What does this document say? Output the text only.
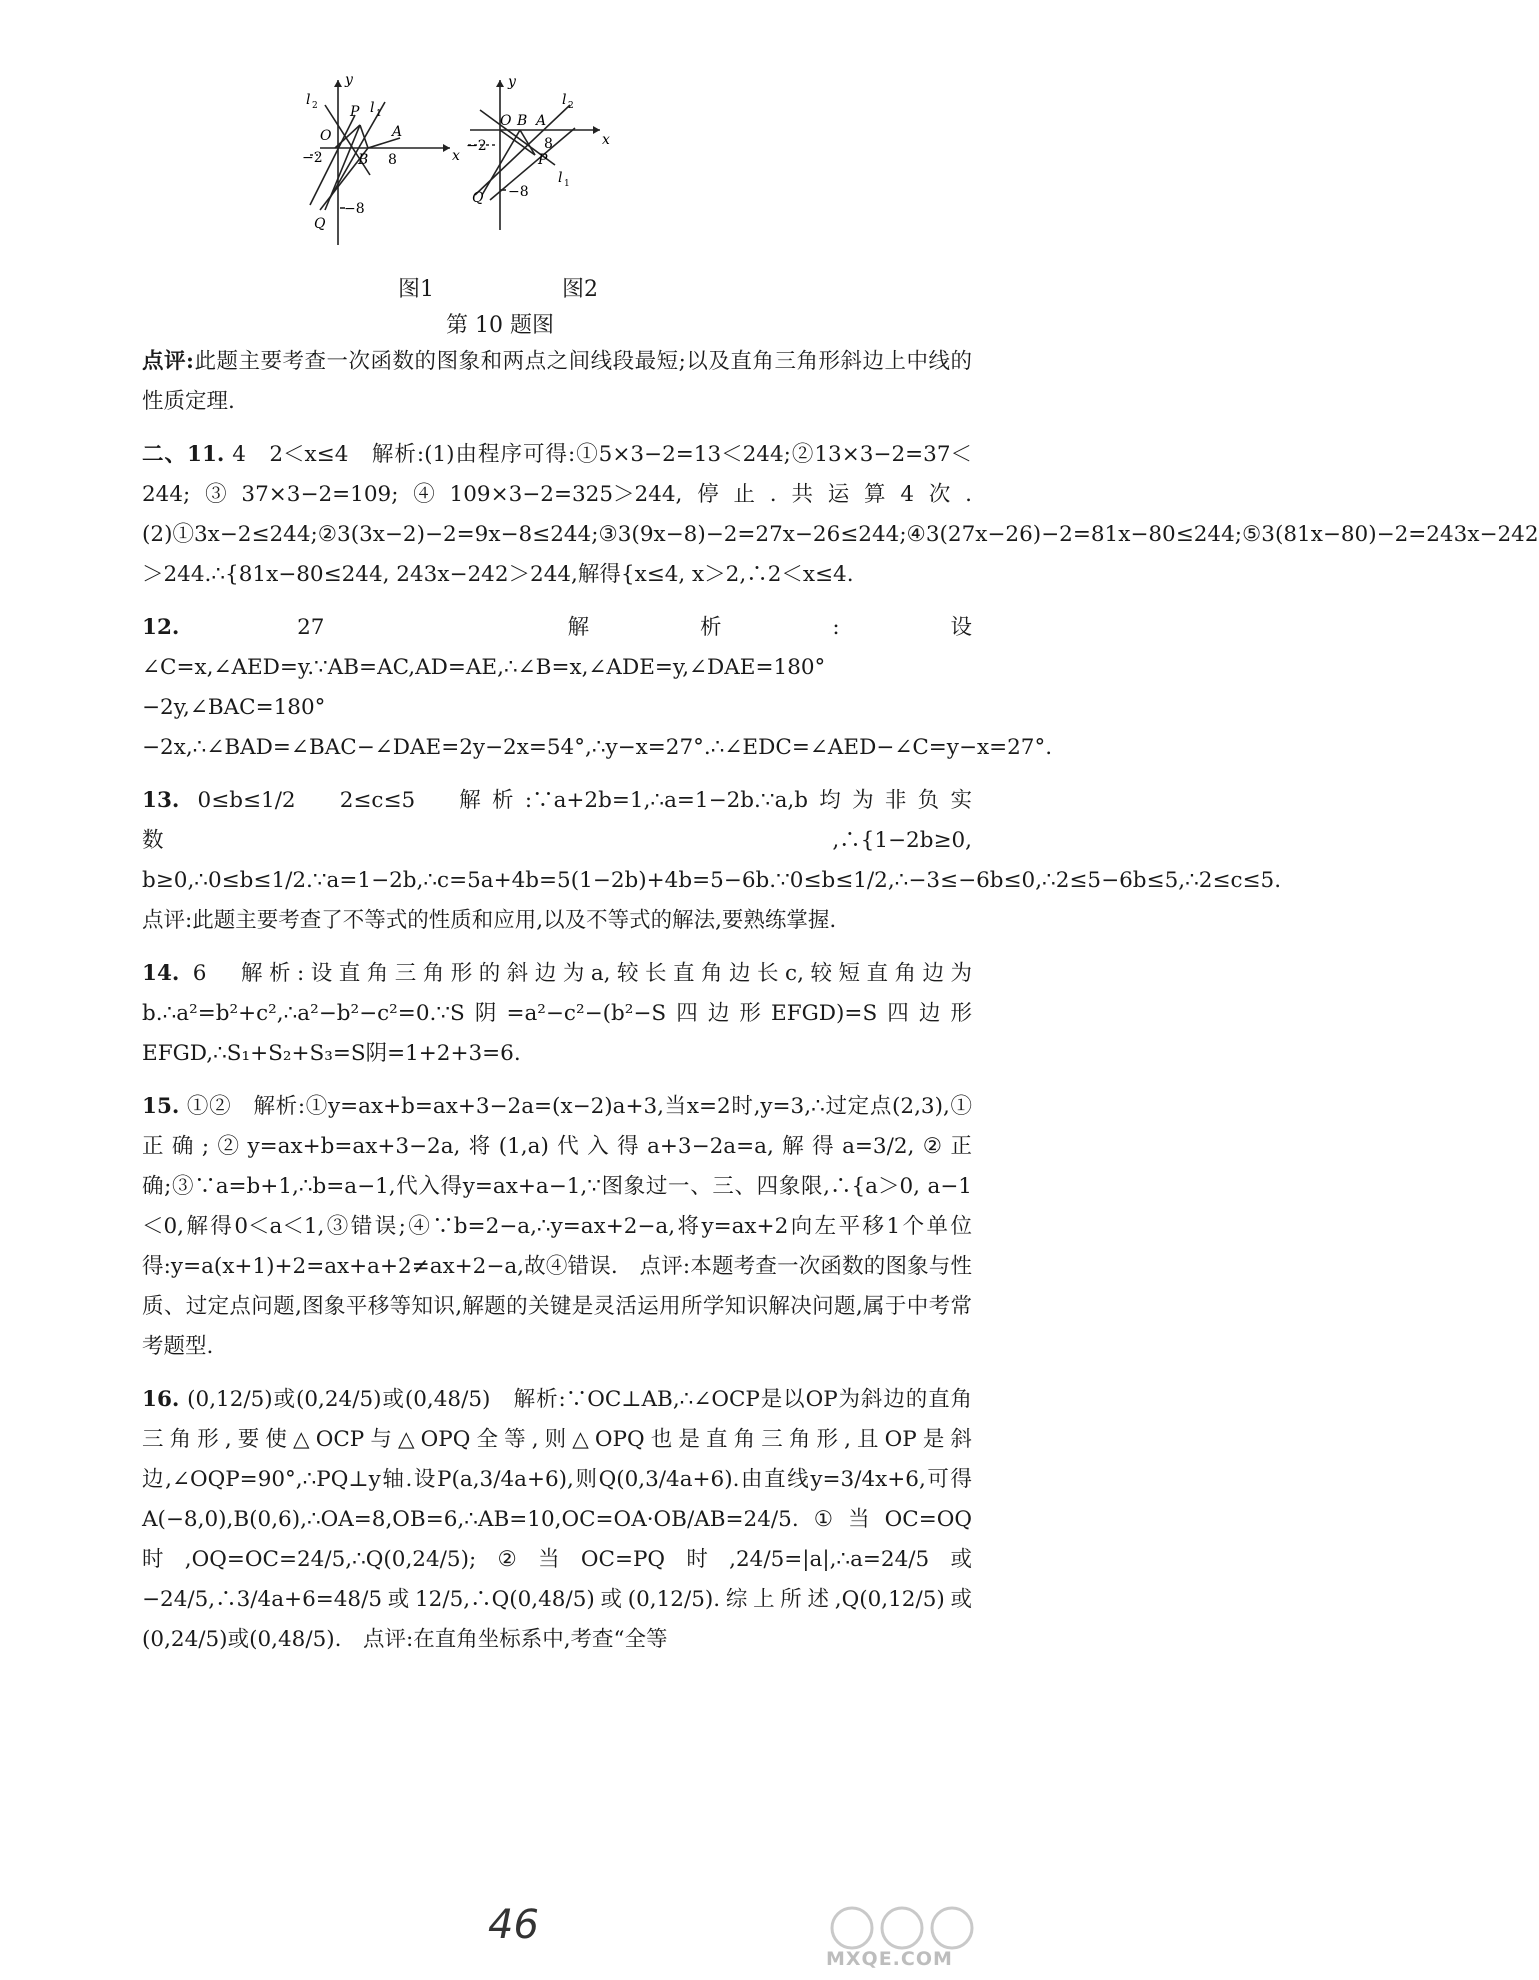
y
x
l 2	l 1
P
O	A
−2	B 8
Q
−8
y
x
O B A
l 2
−2
P
8
Q
l 1
−8
图1	图2
第 10 题图

点评:此题主要考查一次函数的图象和两点之间线段最短;以及直角三角形斜边上中线的性质定理.

二、11. 4　2＜x≤4　解析:(1)由程序可得:①5×3−2=13＜244;②13×3−2=37＜244;③37×3−2=109;④109×3−2=325＞244,停止.共运算4次.　(2)①3x−2≤244;②3(3x−2)−2=9x−8≤244;③3(9x−8)−2=27x−26≤244;④3(27x−26)−2=81x−80≤244;⑤3(81x−80)−2=243x−242＞244.∴{81x−80≤244, 243x−242＞244,解得{x≤4, x＞2,∴2＜x≤4.

12. 27　解析:设∠C=x,∠AED=y.∵AB=AC,AD=AE,∴∠B=x,∠ADE=y,∠DAE=180°−2y,∠BAC=180°−2x,∴∠BAD=∠BAC−∠DAE=2y−2x=54°,∴y−x=27°.∴∠EDC=∠AED−∠C=y−x=27°.

13. 0≤b≤1/2　2≤c≤5　解析:∵a+2b=1,∴a=1−2b.∵a,b均为非负实数,∴{1−2b≥0, b≥0,∴0≤b≤1/2.∵a=1−2b,∴c=5a+4b=5(1−2b)+4b=5−6b.∵0≤b≤1/2,∴−3≤−6b≤0,∴2≤5−6b≤5,∴2≤c≤5.　点评:此题主要考查了不等式的性质和应用,以及不等式的解法,要熟练掌握.

14. 6　解析:设直角三角形的斜边为a,较长直角边长c,较短直角边为b.∴a²=b²+c²,∴a²−b²−c²=0.∵S阴=a²−c²−(b²−S四边形EFGD)=S四边形EFGD,∴S₁+S₂+S₃=S阴=1+2+3=6.

15. ①②　解析:①y=ax+b=ax+3−2a=(x−2)a+3,当x=2时,y=3,∴过定点(2,3),①正确;②y=ax+b=ax+3−2a,将(1,a)代入得a+3−2a=a,解得a=3/2,②正确;③∵a=b+1,∴b=a−1,代入得y=ax+a−1,∵图象过一、三、四象限,∴{a＞0, a−1＜0,解得0＜a＜1,③错误;④∵b=2−a,∴y=ax+2−a,将y=ax+2向左平移1个单位得:y=a(x+1)+2=ax+a+2≠ax+2−a,故④错误.　点评:本题考查一次函数的图象与性质、过定点问题,图象平移等知识,解题的关键是灵活运用所学知识解决问题,属于中考常考题型.

16. (0,12/5)或(0,24/5)或(0,48/5)　解析:∵OC⊥AB,∴∠OCP是以OP为斜边的直角三角形,要使△OCP与△OPQ全等,则△OPQ也是直角三角形,且OP是斜边,∠OQP=90°,∴PQ⊥y轴.设P(a,3/4a+6),则Q(0,3/4a+6).由直线y=3/4x+6,可得A(−8,0),B(0,6),∴OA=8,OB=6,∴AB=10,OC=OA·OB/AB=24/5.①当OC=OQ时,OQ=OC=24/5,∴Q(0,24/5);②当OC=PQ时,24/5=|a|,∴a=24/5或−24/5,∴3/4a+6=48/5或12/5,∴Q(0,48/5)或(0,12/5).综上所述,Q(0,12/5)或(0,24/5)或(0,48/5).　点评:在直角坐标系中,考查“全等

46
MXQE.COM
